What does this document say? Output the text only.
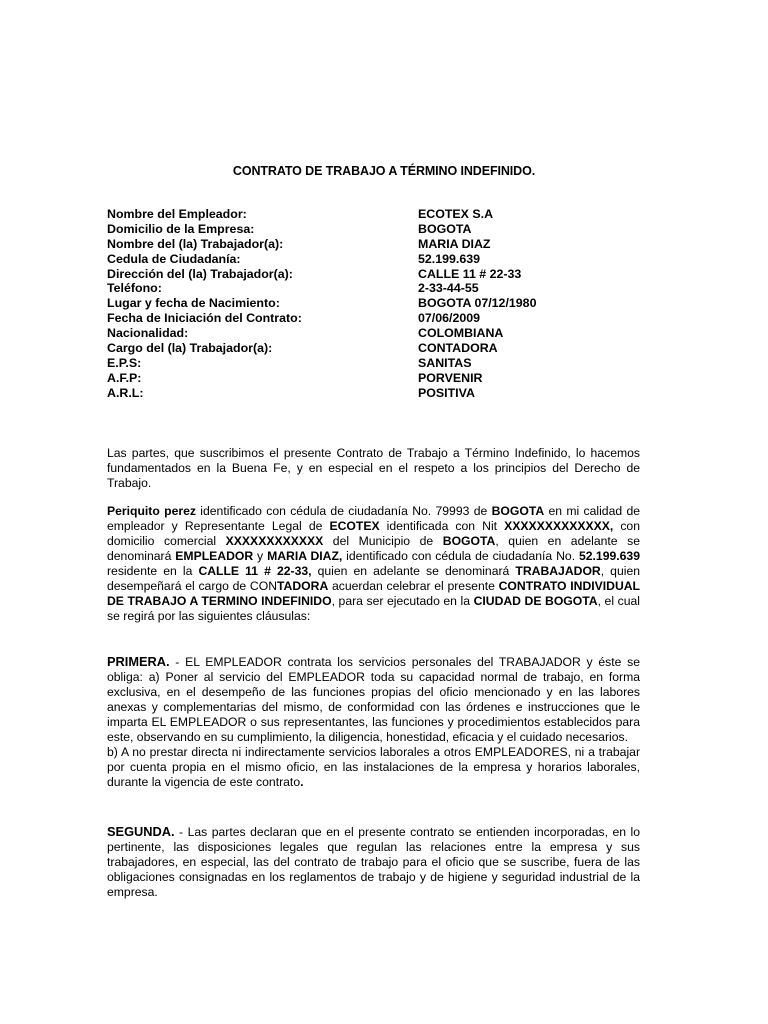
CONTRATO DE TRABAJO A TÉRMINO INDEFINIDO.
Nombre del Empleador:	ECOTEX S.A
Domicilio de la Empresa:	BOGOTA
Nombre del (la) Trabajador(a):	MARIA DIAZ
Cedula de Ciudadanía:	52.199.639
Dirección del (la) Trabajador(a):	CALLE 11 # 22-33
Teléfono:	2-33-44-55
Lugar y fecha de Nacimiento:	BOGOTA 07/12/1980
Fecha de Iniciación del Contrato:	07/06/2009
Nacionalidad:	COLOMBIANA
Cargo del (la) Trabajador(a):	CONTADORA
E.P.S:	SANITAS
A.F.P:	PORVENIR
A.R.L:	POSITIVA

Las partes, que suscribimos el presente Contrato de Trabajo a Término Indefinido, lo hacemos fundamentados en la Buena Fe, y en especial en el respeto a los principios del Derecho de Trabajo.

Periquito perez identificado con cédula de ciudadanía No. 79993 de BOGOTA en mi calidad de empleador y Representante Legal de ECOTEX identificada con Nit XXXXXXXXXXXXX, con domicilio comercial XXXXXXXXXXXX del Municipio de BOGOTA, quien en adelante se denominará EMPLEADOR y MARIA DIAZ, identificado con cédula de ciudadanía No. 52.199.639 residente en la CALLE 11 # 22-33, quien en adelante se denominará TRABAJADOR, quien desempeñará el cargo de CONTADORA acuerdan celebrar el presente CONTRATO INDIVIDUAL DE TRABAJO A TERMINO INDEFINIDO, para ser ejecutado en la CIUDAD DE BOGOTA, el cual se regirá por las siguientes cláusulas:

PRIMERA. - EL EMPLEADOR contrata los servicios personales del TRABAJADOR y éste se obliga: a) Poner al servicio del EMPLEADOR toda su capacidad normal de trabajo, en forma exclusiva, en el desempeño de las funciones propias del oficio mencionado y en las labores anexas y complementarias del mismo, de conformidad con las órdenes e instrucciones que le imparta EL EMPLEADOR o sus representantes, las funciones y procedimientos establecidos para este, observando en su cumplimiento, la diligencia, honestidad, eficacia y el cuidado necesarios.
b) A no prestar directa ni indirectamente servicios laborales a otros EMPLEADORES, ni a trabajar por cuenta propia en el mismo oficio, en las instalaciones de la empresa y horarios laborales, durante la vigencia de este contrato.

SEGUNDA. - Las partes declaran que en el presente contrato se entienden incorporadas, en lo pertinente, las disposiciones legales que regulan las relaciones entre la empresa y sus trabajadores, en especial, las del contrato de trabajo para el oficio que se suscribe, fuera de las obligaciones consignadas en los reglamentos de trabajo y de higiene y seguridad industrial de la empresa.
